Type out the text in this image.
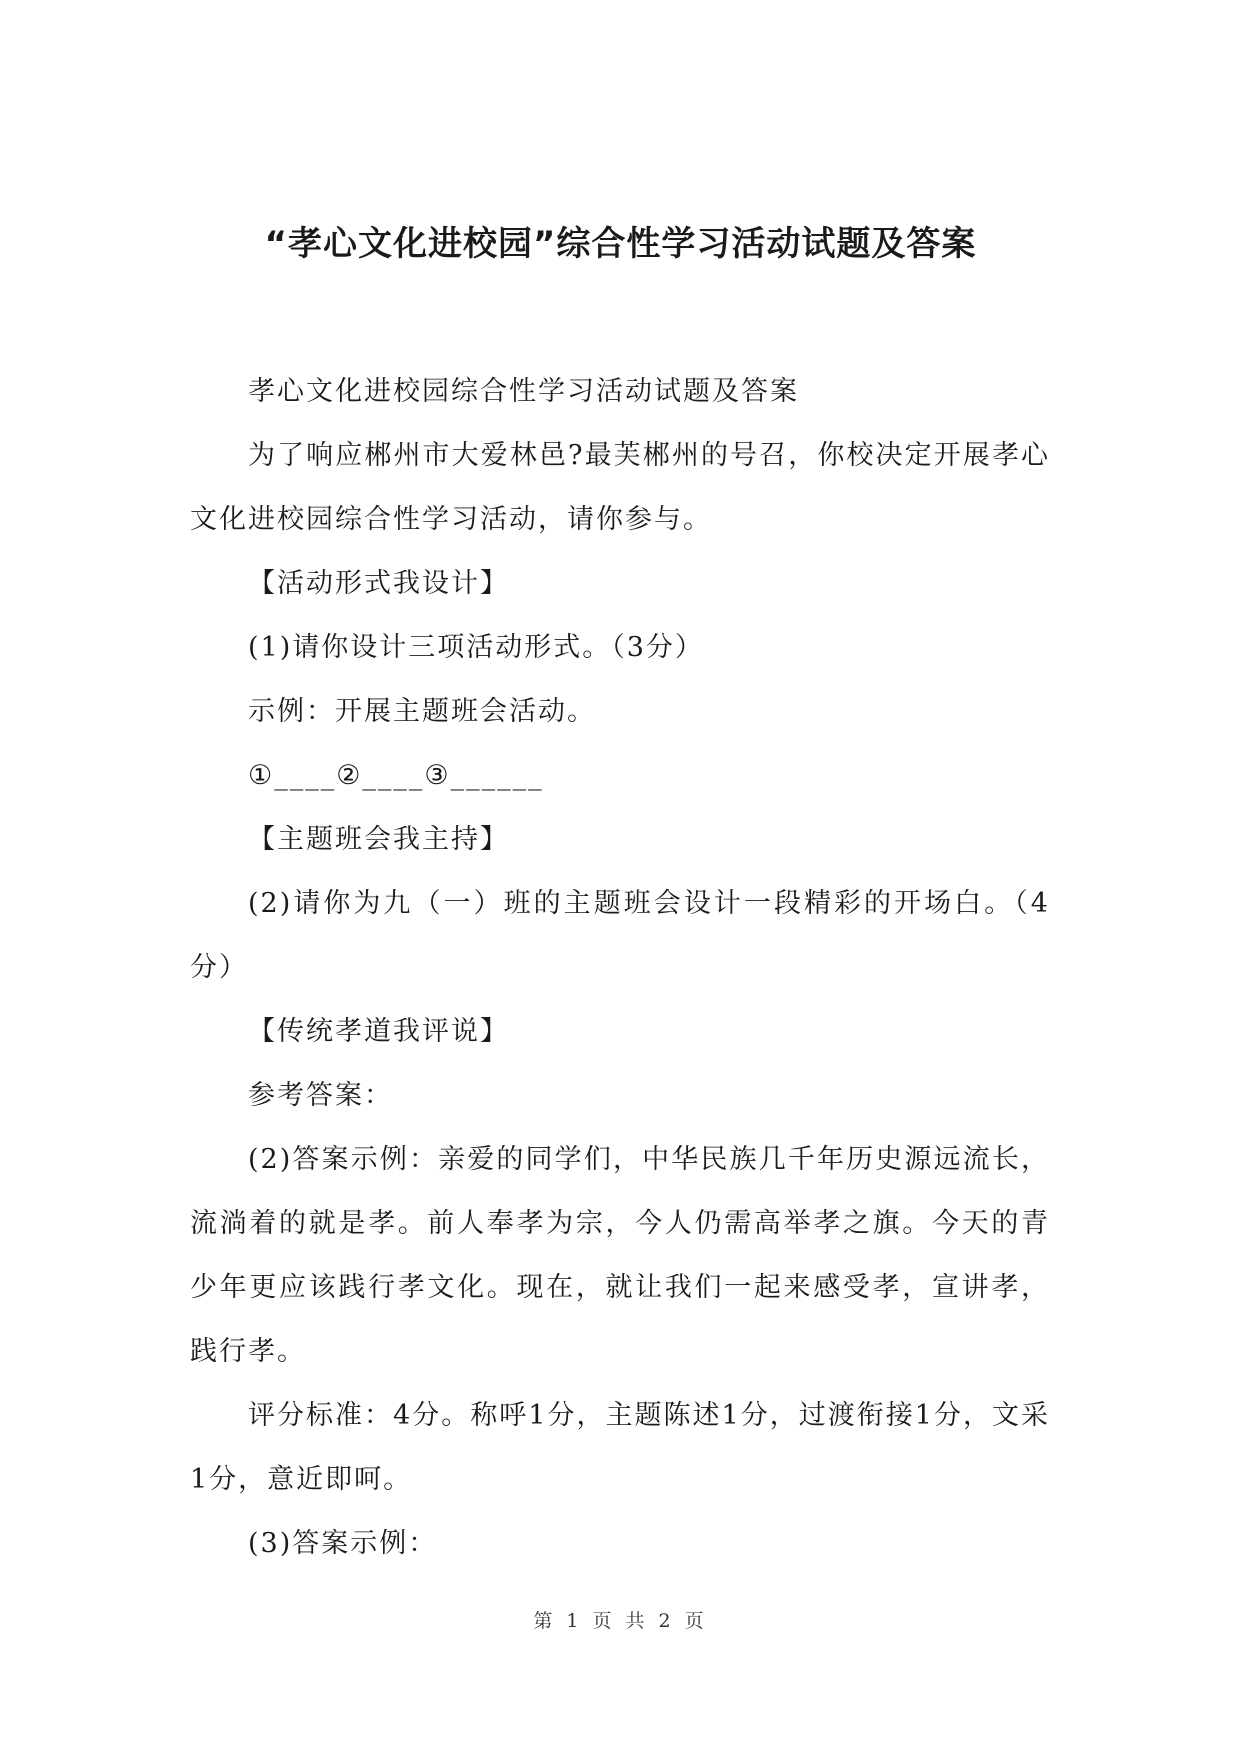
“孝心文化进校园”综合性学习活动试题及答案

孝心文化进校园综合性学习活动试题及答案

为了响应郴州市大爱林邑?最芙郴州的号召，你校决定开展孝心文化进校园综合性学习活动，请你参与。

【活动形式我设计】

(1)请你设计三项活动形式。（3分）

示例：开展主题班会活动。

①____②____③______

【主题班会我主持】

(2)请你为九（一）班的主题班会设计一段精彩的开场白。（4分）

【传统孝道我评说】

参考答案：

(2)答案示例：亲爱的同学们，中华民族几千年历史源远流长，流淌着的就是孝。前人奉孝为宗，今人仍需高举孝之旗。今天的青少年更应该践行孝文化。现在，就让我们一起来感受孝，宣讲孝，践行孝。

评分标准：4分。称呼1分，主题陈述1分，过渡衔接1分，文采1分，意近即呵。

(3)答案示例：

第 1 页 共 2 页
